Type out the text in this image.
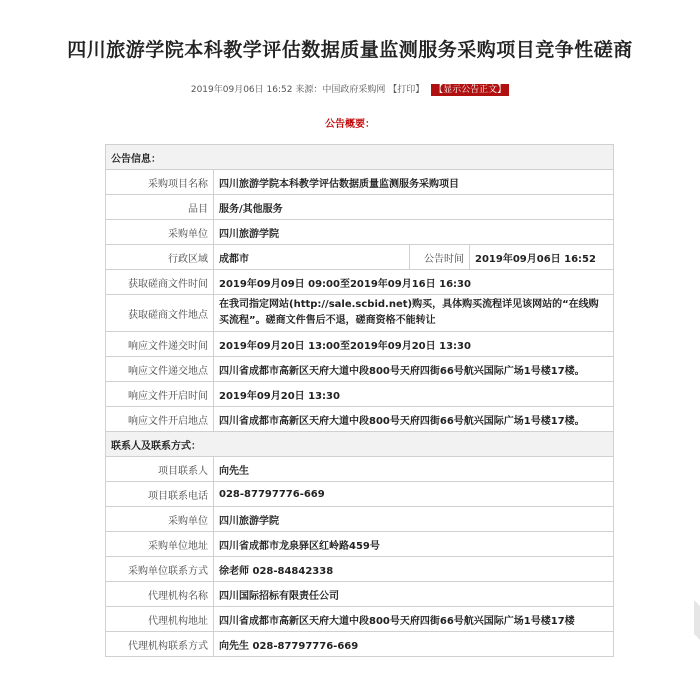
四川旅游学院本科教学评估数据质量监测服务采购项目竞争性磋商
2019年09月06日 16:52 来源：中国政府采购网 【打印】 【显示公告正文】
公告概要：
公告信息：			
采购项目名称	四川旅游学院本科教学评估数据质量监测服务采购项目		
品目	服务/其他服务		
采购单位	四川旅游学院		
行政区域	成都市	公告时间	2019年09月06日 16:52
获取磋商文件时间	2019年09月09日 09:00至2019年09月16日 16:30		
获取磋商文件地点	在我司指定网站(http://sale.scbid.net)购买，具体购买流程详见该网站的“在线购买流程”。磋商文件售后不退，磋商资格不能转让		
响应文件递交时间	2019年09月20日 13:00至2019年09月20日 13:30		
响应文件递交地点	四川省成都市高新区天府大道中段800号天府四街66号航兴国际广场1号楼17楼。		
响应文件开启时间	2019年09月20日 13:30		
响应文件开启地点	四川省成都市高新区天府大道中段800号天府四街66号航兴国际广场1号楼17楼。		
联系人及联系方式：			
项目联系人	向先生		
项目联系电话	028-87797776-669		
采购单位	四川旅游学院		
采购单位地址	四川省成都市龙泉驿区红岭路459号		
采购单位联系方式	徐老师 028-84842338		
代理机构名称	四川国际招标有限责任公司		
代理机构地址	四川省成都市高新区天府大道中段800号天府四街66号航兴国际广场1号楼17楼		
代理机构联系方式	向先生 028-87797776-669		
